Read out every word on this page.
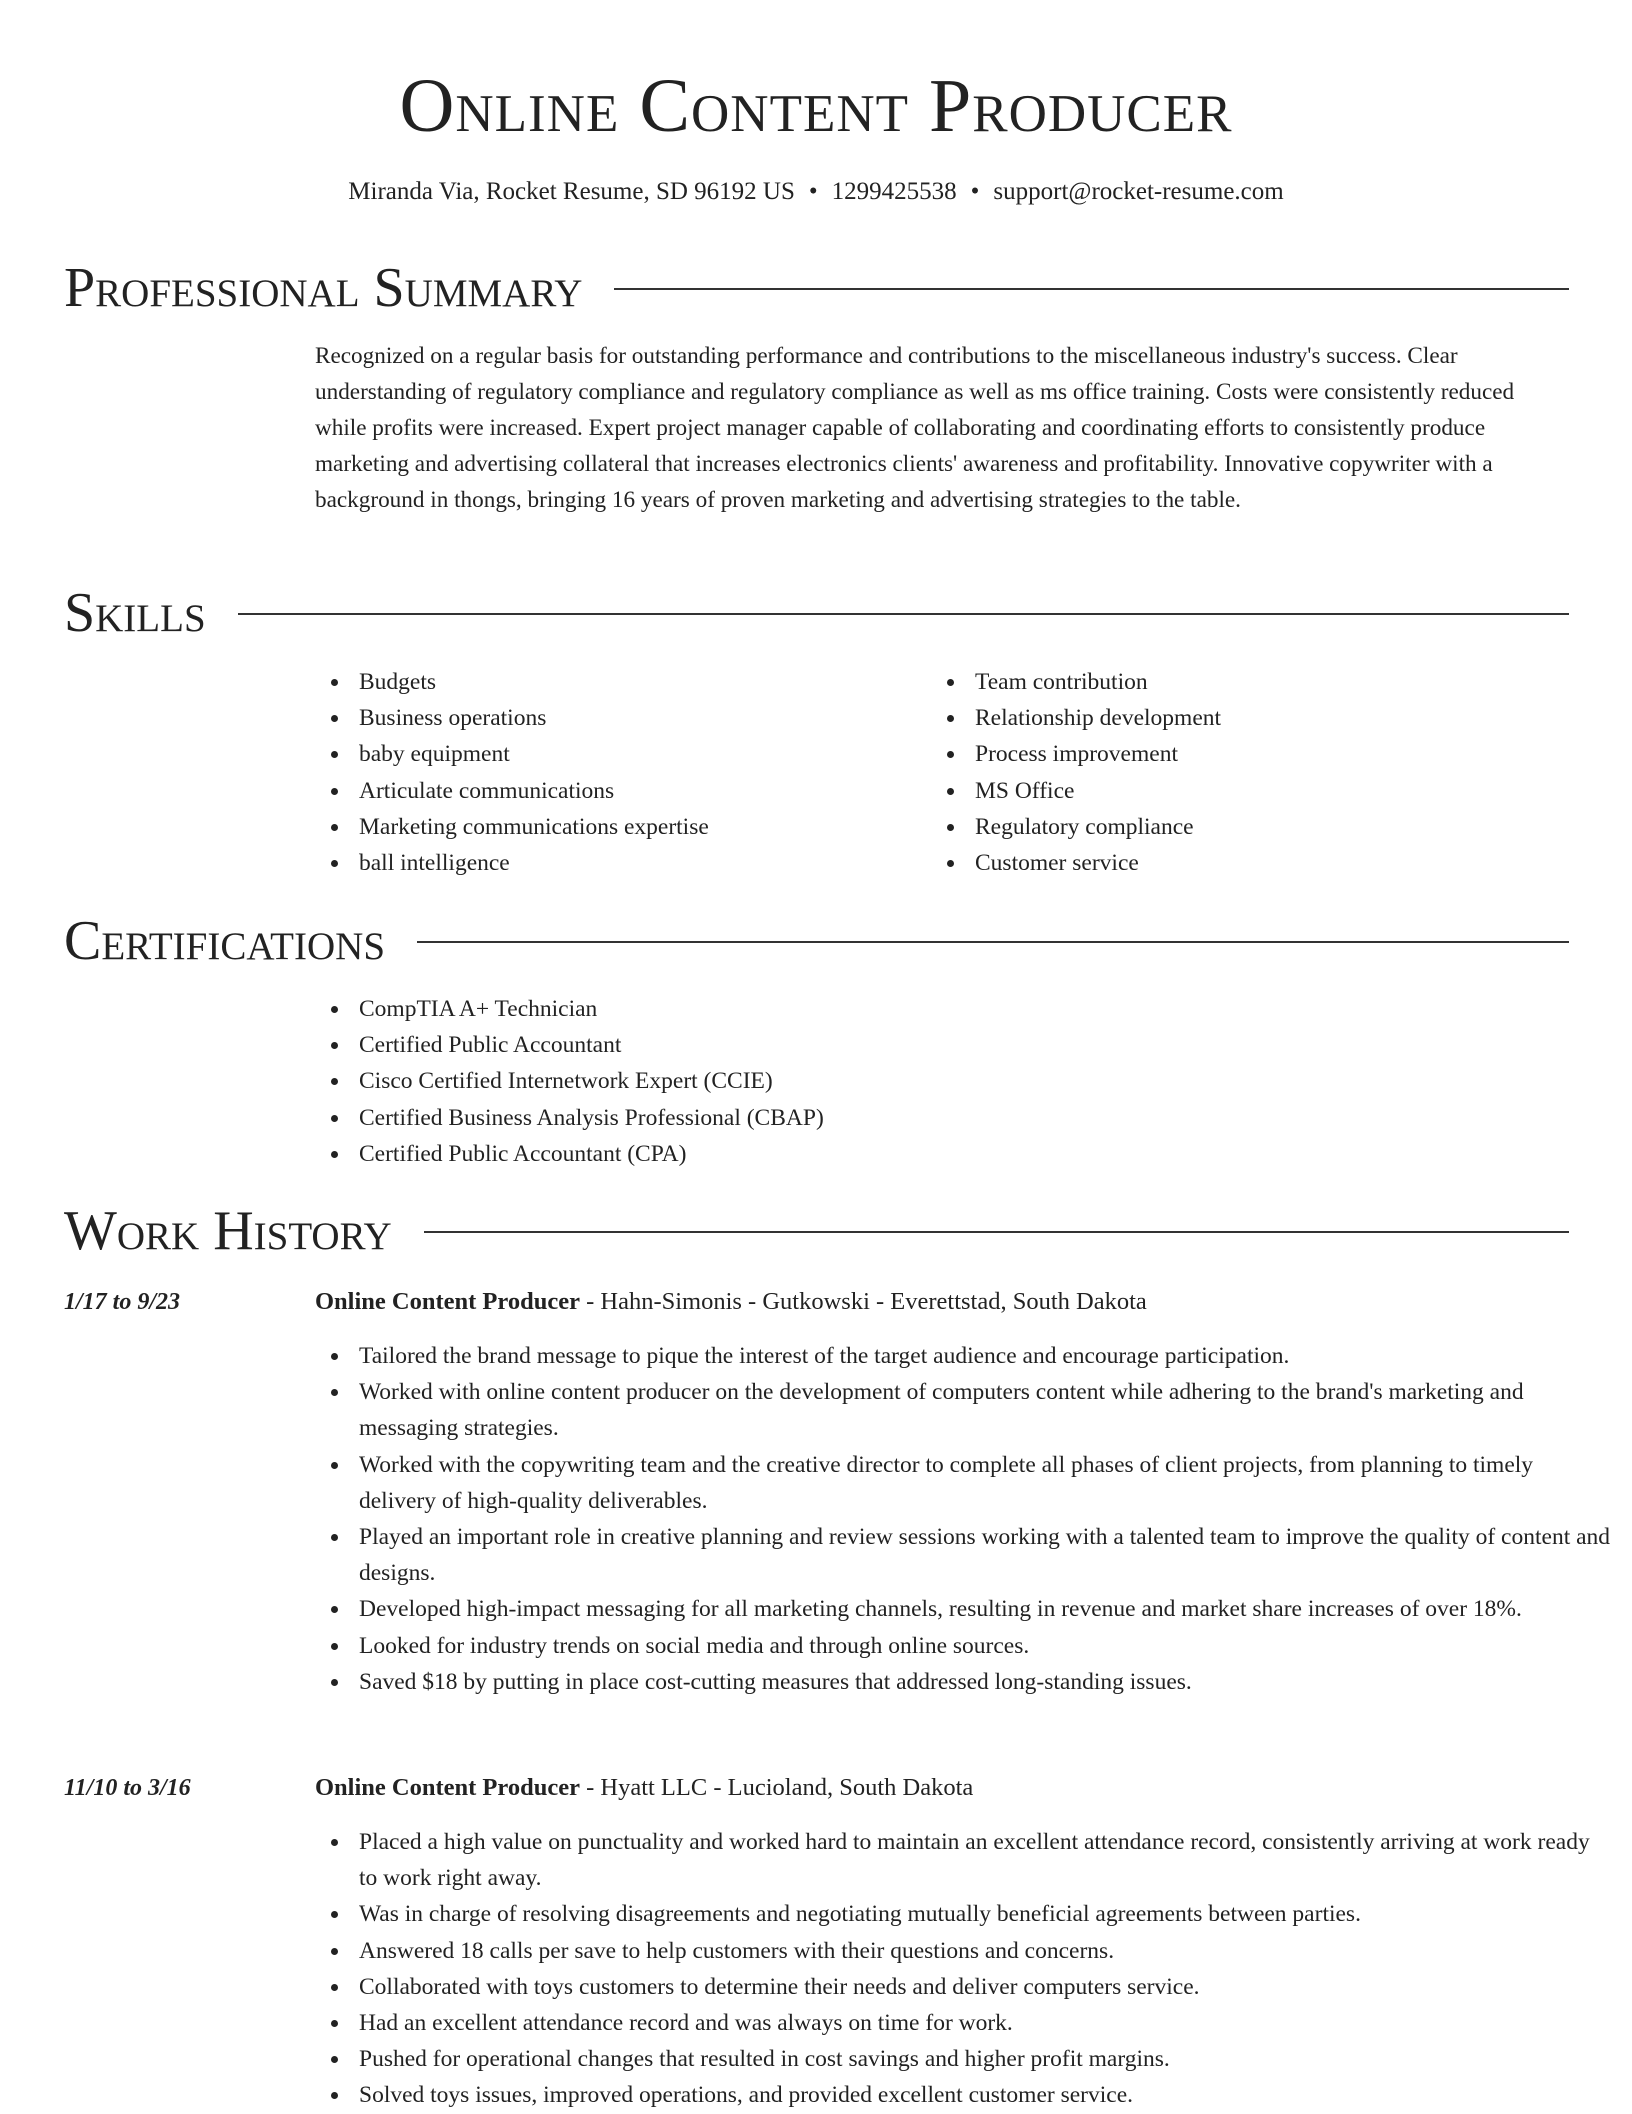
Online Content Producer
Miranda Via, Rocket Resume, SD 96192 US • 1299425538 • support@rocket-resume.com
Professional Summary

Recognized on a regular basis for outstanding performance and contributions to the miscellaneous industry's success. Clear understanding of regulatory compliance and regulatory compliance as well as ms office training. Costs were consistently reduced while profits were increased. Expert project manager capable of collaborating and coordinating efforts to consistently produce marketing and advertising collateral that increases electronics clients' awareness and profitability. Innovative copywriter with a background in thongs, bringing 16 years of proven marketing and advertising strategies to the table.

Skills
Budgets
Business operations
baby equipment
Articulate communications
Marketing communications expertise
ball intelligence
Team contribution
Relationship development
Process improvement
MS Office
Regulatory compliance
Customer service
Certifications
CompTIA A+ Technician
Certified Public Accountant
Cisco Certified Internetwork Expert (CCIE)
Certified Business Analysis Professional (CBAP)
Certified Public Accountant (CPA)
Work History
1/17 to 9/23	Online Content Producer - Hahn-Simonis - Gutkowski - Everettstad, South Dakota
Tailored the brand message to pique the interest of the target audience and encourage participation.
Worked with online content producer on the development of computers content while adhering to the brand's marketing and messaging strategies.
Worked with the copywriting team and the creative director to complete all phases of client projects, from planning to timely delivery of high-quality deliverables.
Played an important role in creative planning and review sessions working with a talented team to improve the quality of content and designs.
Developed high-impact messaging for all marketing channels, resulting in revenue and market share increases of over 18%.
Looked for industry trends on social media and through online sources.
Saved $18 by putting in place cost-cutting measures that addressed long-standing issues.
11/10 to 3/16	Online Content Producer - Hyatt LLC - Lucioland, South Dakota
Placed a high value on punctuality and worked hard to maintain an excellent attendance record, consistently arriving at work ready to work right away.
Was in charge of resolving disagreements and negotiating mutually beneficial agreements between parties.
Answered 18 calls per save to help customers with their questions and concerns.
Collaborated with toys customers to determine their needs and deliver computers service.
Had an excellent attendance record and was always on time for work.
Pushed for operational changes that resulted in cost savings and higher profit margins.
Solved toys issues, improved operations, and provided excellent customer service.
